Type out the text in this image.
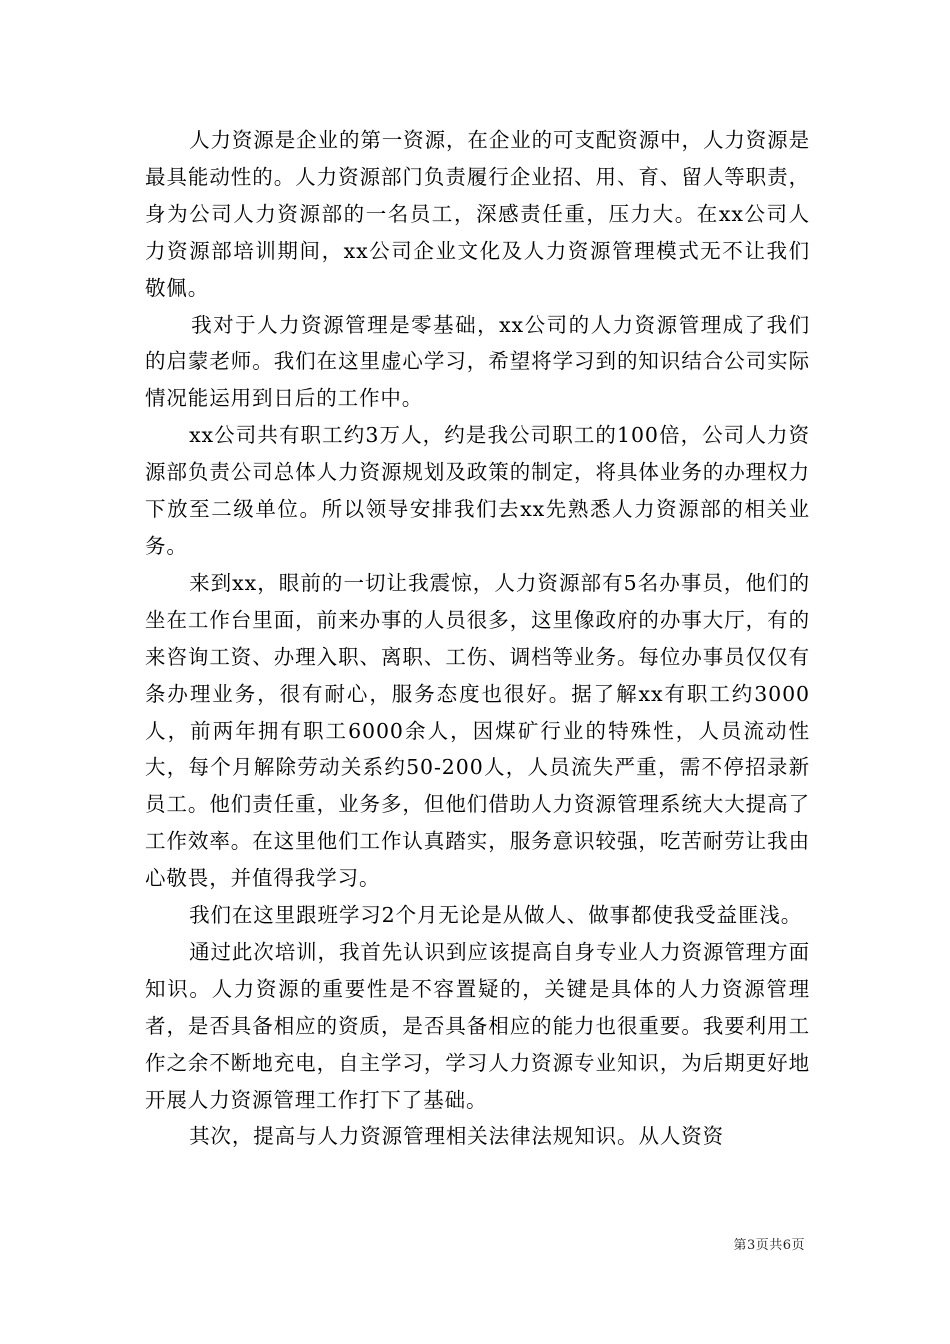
人力资源是企业的第一资源，在企业的可支配资源中，人力资源是最具能动性的。人力资源部门负责履行企业招、用、育、留人等职责，身为公司人力资源部的一名员工，深感责任重，压力大。在xx公司人力资源部培训期间，xx公司企业文化及人力资源管理模式无不让我们敬佩。

我对于人力资源管理是零基础，xx公司的人力资源管理成了我们的启蒙老师。我们在这里虚心学习，希望将学习到的知识结合公司实际情况能运用到日后的工作中。

xx公司共有职工约3万人，约是我公司职工的100倍，公司人力资源部负责公司总体人力资源规划及政策的制定，将具体业务的办理权力下放至二级单位。所以领导安排我们去xx先熟悉人力资源部的相关业务。

来到xx，眼前的一切让我震惊，人力资源部有5名办事员，他们的坐在工作台里面，前来办事的人员很多，这里像政府的办事大厅，有的来咨询工资、办理入职、离职、工伤、调档等业务。每位办事员仅仅有条办理业务，很有耐心，服务态度也很好。据了解xx有职工约3000人，前两年拥有职工6000余人，因煤矿行业的特殊性，人员流动性大，每个月解除劳动关系约50-200人，人员流失严重，需不停招录新员工。他们责任重，业务多，但他们借助人力资源管理系统大大提高了工作效率。在这里他们工作认真踏实，服务意识较强，吃苦耐劳让我由心敬畏，并值得我学习。

我们在这里跟班学习2个月无论是从做人、做事都使我受益匪浅。

通过此次培训，我首先认识到应该提高自身专业人力资源管理方面知识。人力资源的重要性是不容置疑的，关键是具体的人力资源管理者，是否具备相应的资质，是否具备相应的能力也很重要。我要利用工作之余不断地充电，自主学习，学习人力资源专业知识，为后期更好地开展人力资源管理工作打下了基础。

其次，提高与人力资源管理相关法律法规知识。从人资资

第3页共6页
